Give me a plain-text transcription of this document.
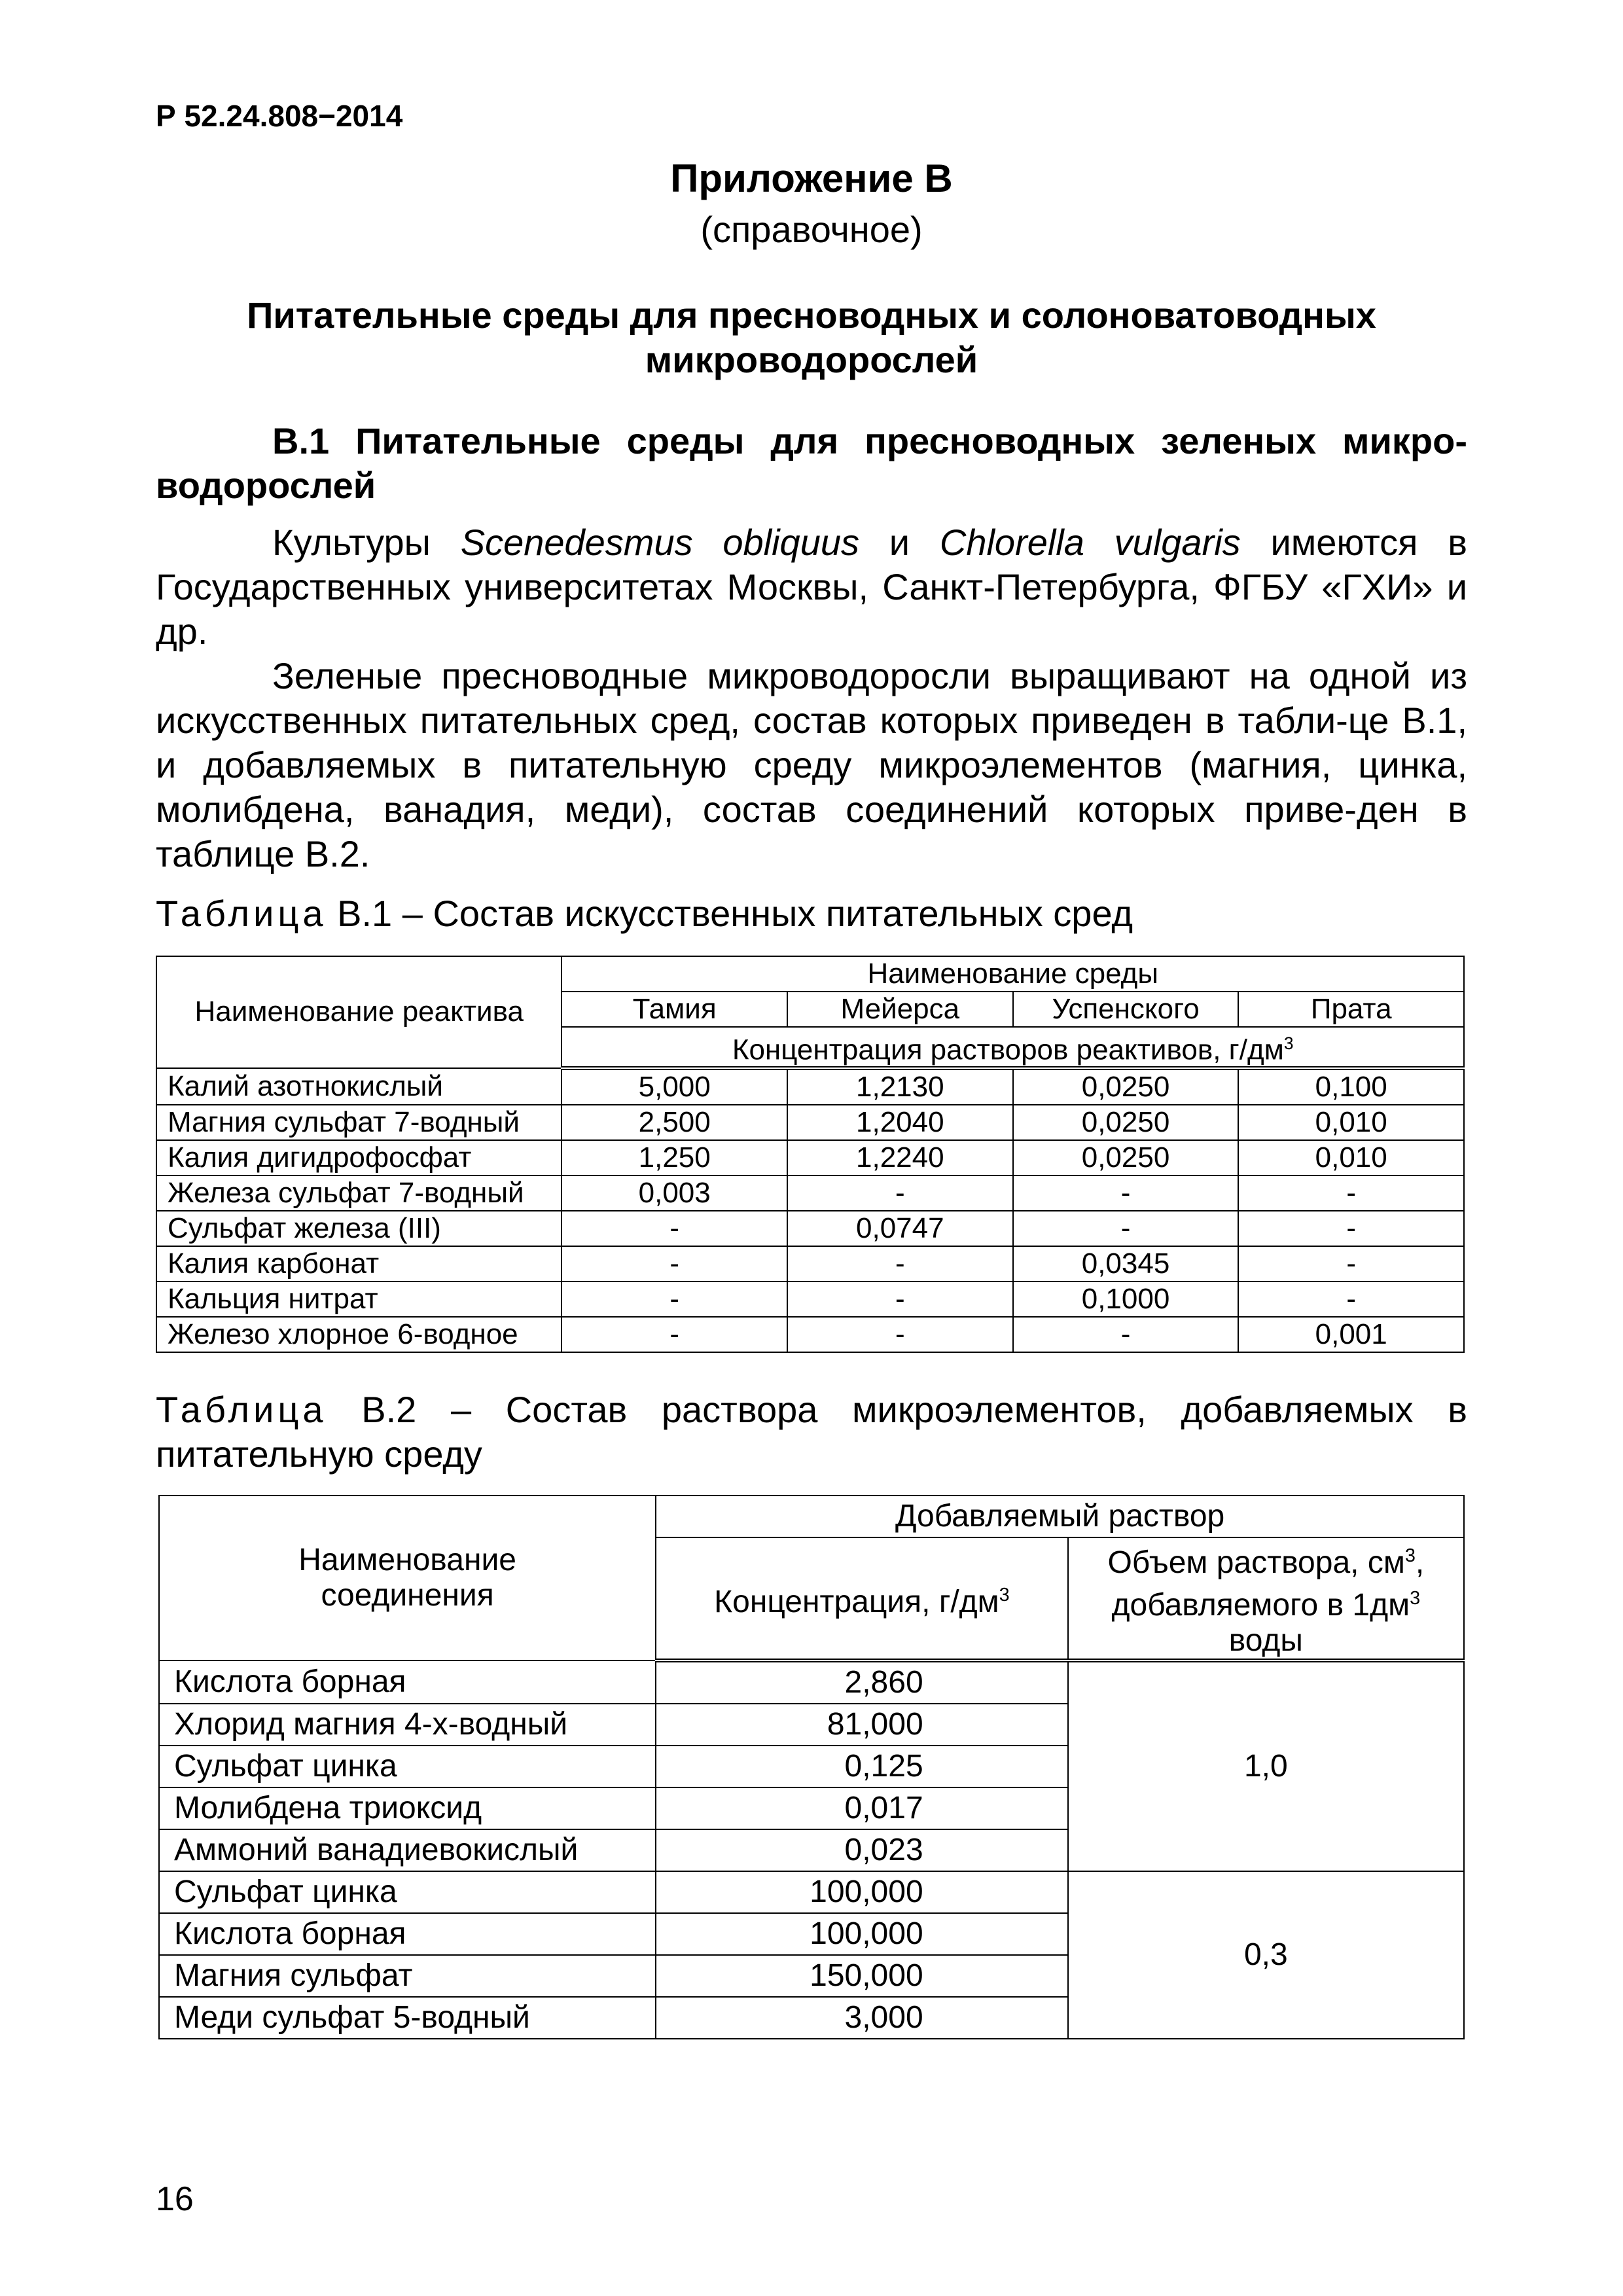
Р 52.24.808−2014
Приложение В
(справочное)
Питательные среды для пресноводных и солоноватоводных
микроводорослей
В.1 Питательные среды для пресноводных зеленых микро-водорослей
Культуры Scenedesmus obliquus и Chlorella vulgaris имеются в Государственных университетах Москвы, Санкт-Петербурга, ФГБУ «ГХИ» и др.
Зеленые пресноводные микроводоросли выращивают на одной из искусственных питательных сред, состав которых приведен в табли-це В.1, и добавляемых в питательную среду микроэлементов (магния, цинка, молибдена, ванадия, меди), состав соединений которых приве-ден в таблице В.2.
Таблица В.1 – Состав искусственных питательных сред
Наименование реактива	Наименование среды			
	Тамия	Мейерса	Успенского	Прата
	Концентрация растворов реактивов, $г/дм^3$
Калий азотнокислый	5,000	1,2130	0,0250	0,100
Магния сульфат 7-водный	2,500	1,2040	0,0250	0,010
Калия дигидрофосфат	1,250	1,2240	0,0250	0,010
Железа сульфат 7-водный	0,003	-	-	-
Сульфат железа (III)	-	0,0747	-	-
Калия карбонат	-	-	0,0345	-
Кальция нитрат	-	-	0,1000	-
Железо хлорное 6-водное	-	-	-	0,001
Таблица В.2 – Состав раствора микроэлементов, добавляемых в питательную среду
Наименование
соединения	Добавляемый раствор	
	Концентрация, $г/дм^3$	Объем раствора, $см^3$,
добавляемого в $1дм^3$
воды

Кислота борная	2,860	1,0
Хлорид магния 4-х-водный	81,000	
Сульфат цинка	0,125	
Молибдена триоксид	0,017	
Аммоний ванадиевокислый	0,023	
Сульфат цинка	100,000	0,3
Кислота борная	100,000	
Магния сульфат	150,000	
Меди сульфат 5-водный	3,000	
16
